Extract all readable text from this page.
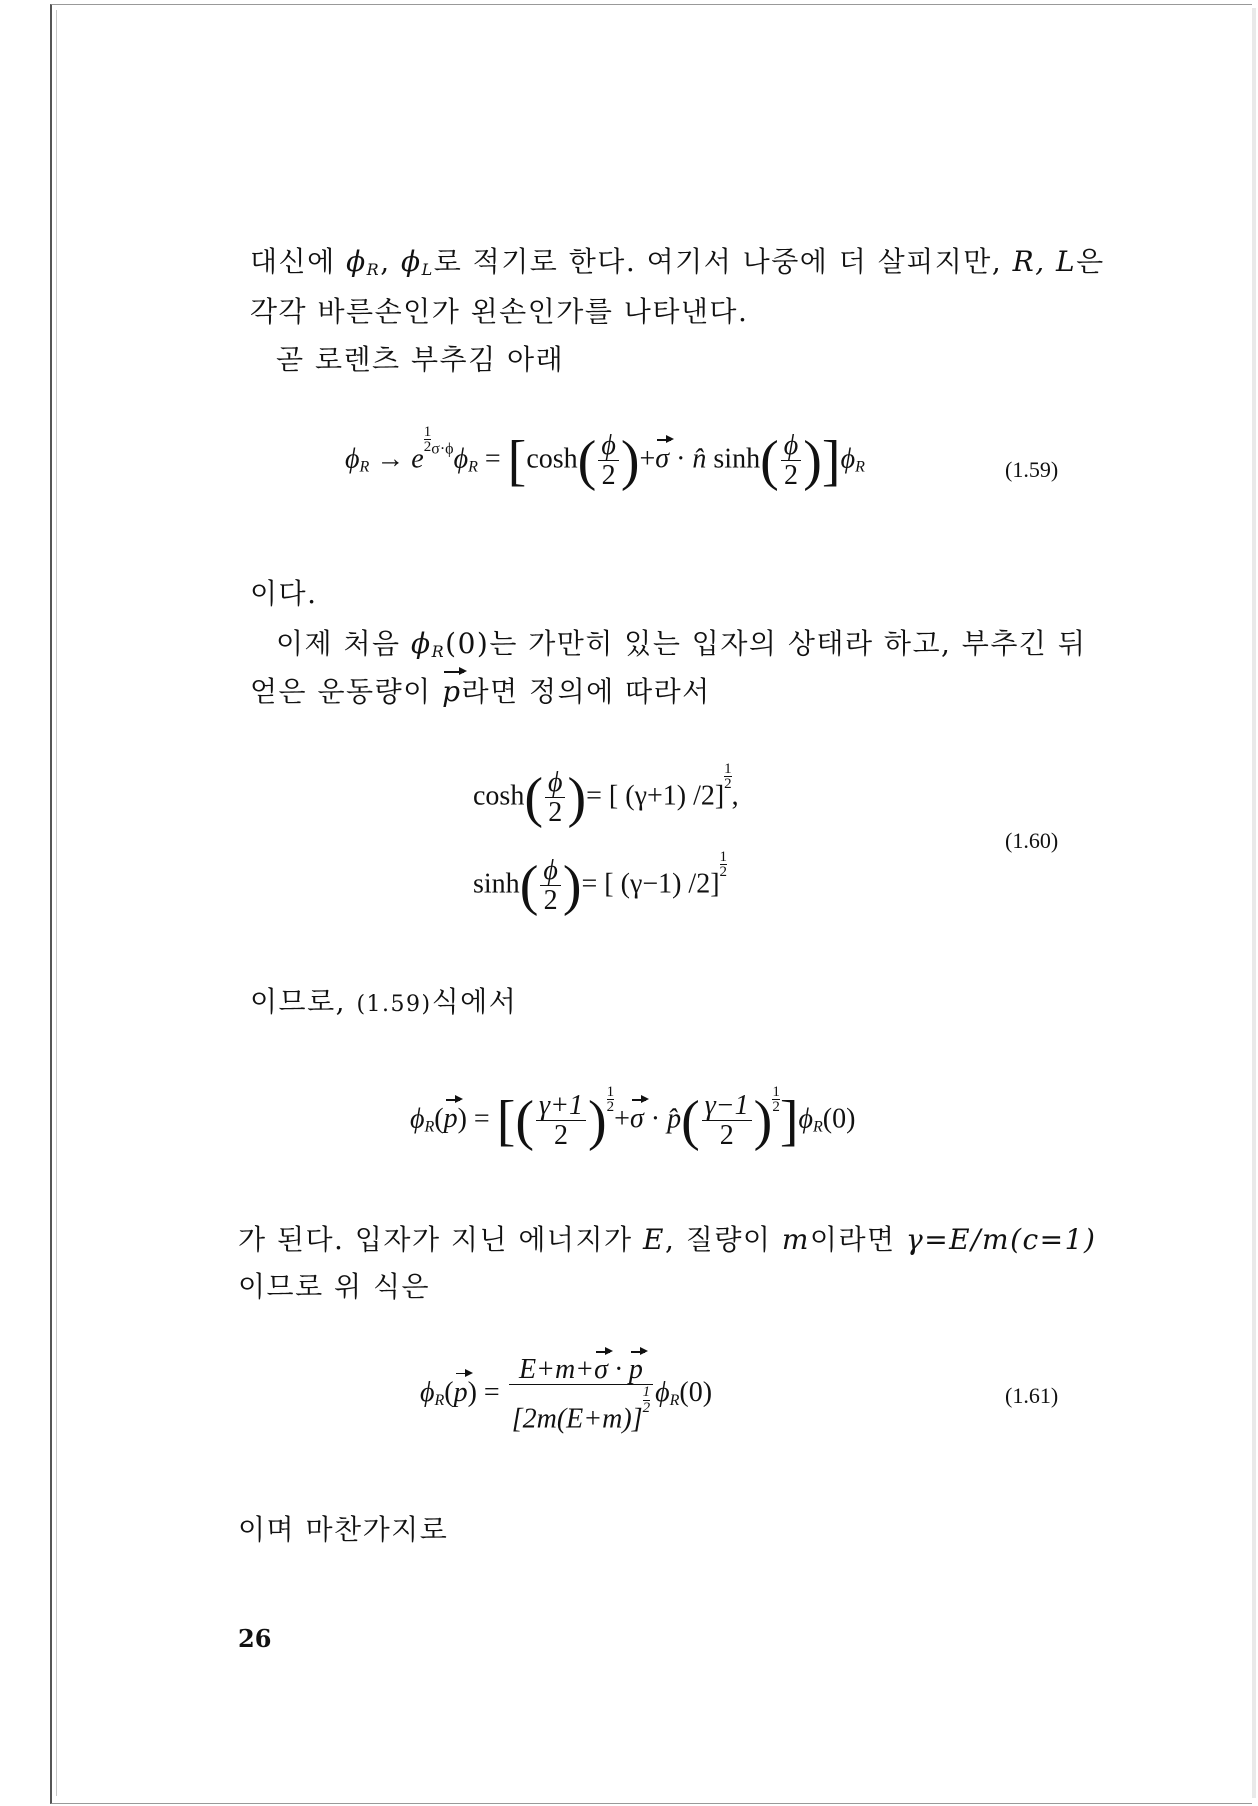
대신에 $\phi_R$, $\phi_L$로 적기로 한다. 여기서 나중에 더 살피지만, R, L은
각각 바른손인가 왼손인가를 나타낸다.
곧 로렌츠 부추김 아래
$\phi_R \to e$
$\frac{1}{2} ^{\sigma\cdot\phi}\phi_R = [\cosh( \frac{\phi}{2} )+\sigma$ · n̂ $\sinh( \frac{\phi}{2} )]\phi_R$	(1.59)
이다.
이제 처음 $\phi_R(0)$는 가만히 있는 입자의 상태라 하고, 부추긴 뒤
얻은 운동량이 p라면 정의에 따라서
$\cosh( \frac{\phi}{2}$ )= [ (γ+1) /2]
$\frac{1}{2}$
,
$\sinh( \frac{\phi}{2}$ )= [ (γ−1) /2]
$\frac{1}{2}$
(1.60)
이므로, (1.59)식에서
$\phi_R(p)$ = [( $\frac{\gamma+1}{2}$ ) $\frac{1}{2}$
+σ · p̂( $\frac{\gamma-1}{2}$ ) $\frac{1}{2} ]\phi_R(0)$
가 된다. 입자가 지닌 에너지가 E, 질량이 m이라면 γ=E/m(c=1)
이므로 위 식은
$\phi_R(p) = E+m+\sigma \cdot p$
[2m(E+m)]
$\frac{1}{2} \phi_R(0)$	(1.61)
이며 마찬가지로
26
